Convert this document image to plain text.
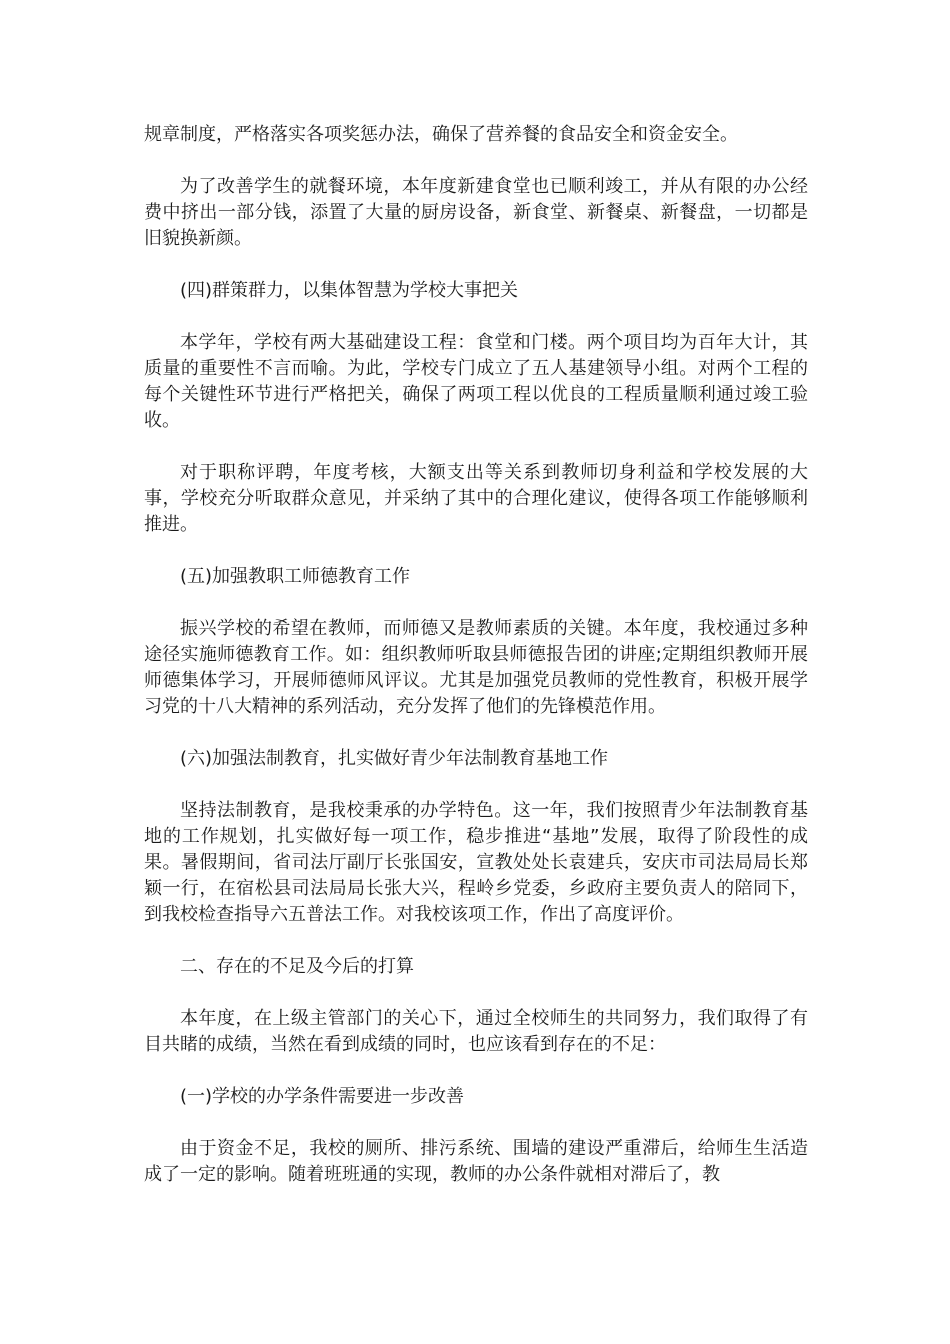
规章制度，严格落实各项奖惩办法，确保了营养餐的食品安全和资金安全。

为了改善学生的就餐环境，本年度新建食堂也已顺利竣工，并从有限的办公经费中挤出一部分钱，添置了大量的厨房设备，新食堂、新餐桌、新餐盘，一切都是旧貌换新颜。

(四)群策群力，以集体智慧为学校大事把关

本学年，学校有两大基础建设工程：食堂和门楼。两个项目均为百年大计，其质量的重要性不言而喻。为此，学校专门成立了五人基建领导小组。对两个工程的每个关键性环节进行严格把关，确保了两项工程以优良的工程质量顺利通过竣工验收。

对于职称评聘，年度考核，大额支出等关系到教师切身利益和学校发展的大事，学校充分听取群众意见，并采纳了其中的合理化建议，使得各项工作能够顺利推进。

(五)加强教职工师德教育工作

振兴学校的希望在教师，而师德又是教师素质的关键。本年度，我校通过多种途径实施师德教育工作。如：组织教师听取县师德报告团的讲座;定期组织教师开展师德集体学习，开展师德师风评议。尤其是加强党员教师的党性教育，积极开展学习党的十八大精神的系列活动，充分发挥了他们的先锋模范作用。

(六)加强法制教育，扎实做好青少年法制教育基地工作

坚持法制教育，是我校秉承的办学特色。这一年，我们按照青少年法制教育基地的工作规划，扎实做好每一项工作，稳步推进“基地”发展，取得了阶段性的成果。暑假期间，省司法厅副厅长张国安，宣教处处长袁建兵，安庆市司法局局长郑颖一行，在宿松县司法局局长张大兴，程岭乡党委，乡政府主要负责人的陪同下，到我校检查指导六五普法工作。对我校该项工作，作出了高度评价。

二、存在的不足及今后的打算

本年度，在上级主管部门的关心下，通过全校师生的共同努力，我们取得了有目共睹的成绩，当然在看到成绩的同时，也应该看到存在的不足：

(一)学校的办学条件需要进一步改善

由于资金不足，我校的厕所、排污系统、围墙的建设严重滞后，给师生生活造成了一定的影响。随着班班通的实现，教师的办公条件就相对滞后了，教
